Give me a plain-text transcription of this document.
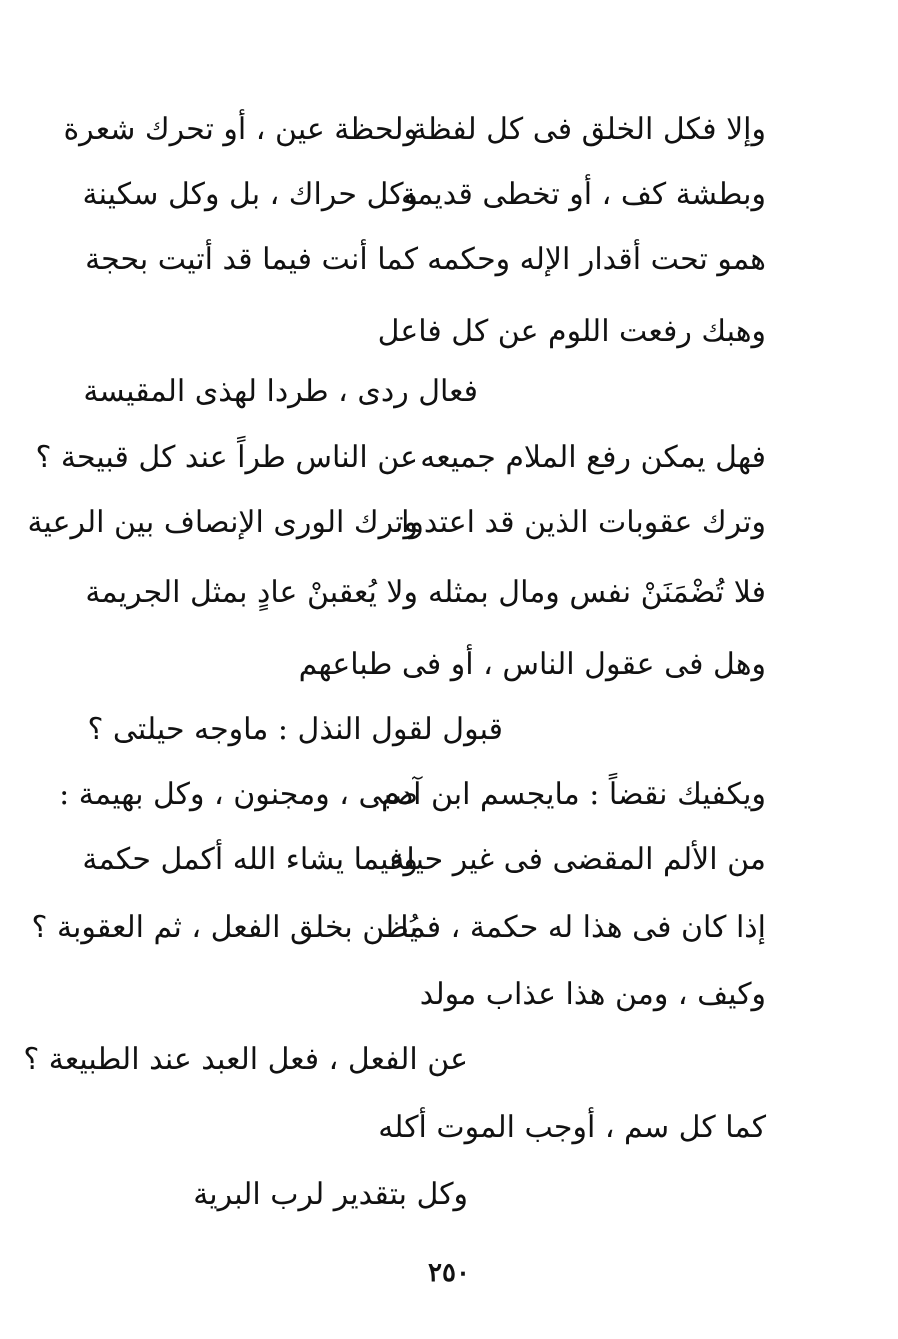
وإلا فكل الخلق فى كل لفظة
ولحظة عين ، أو تحرك شعرة
وبطشة كف ، أو تخطى قديمة
وكل حراك ، بل وكل سكينة
همو تحت أقدار الإله وحكمه
كما أنت فيما قد أتيت بحجة
وهبك رفعت اللوم عن كل فاعل
فعال ردى ، طردا لهذى المقيسة
فهل يمكن رفع الملام جميعه
عن الناس طراً عند كل قبيحة ؟
وترك عقوبات الذين قد اعتدوا
وترك الورى الإنصاف بين الرعية
فلا تُضْمَنَنْ نفس ومال بمثله
ولا يُعقبنْ عادٍ بمثل الجريمة
وهل فى عقول الناس ، أو فى طباعهم
قبول لقول النذل : ماوجه حيلتى ؟
ويكفيك نقضاً : مايجسم ابن آدم
صبى ، ومجنون ، وكل بهيمة :
من الألم المقضى فى غير حيلة
وفيما يشاء الله أكمل حكمة
إذا كان فى هذا له حكمة ، فما
يُظن بخلق الفعل ، ثم العقوبة ؟
وكيف ، ومن هذا عذاب مولد
عن الفعل ، فعل العبد عند الطبيعة ؟
كما كل سم ، أوجب الموت أكله
وكل بتقدير لرب البرية
٢٥٠
